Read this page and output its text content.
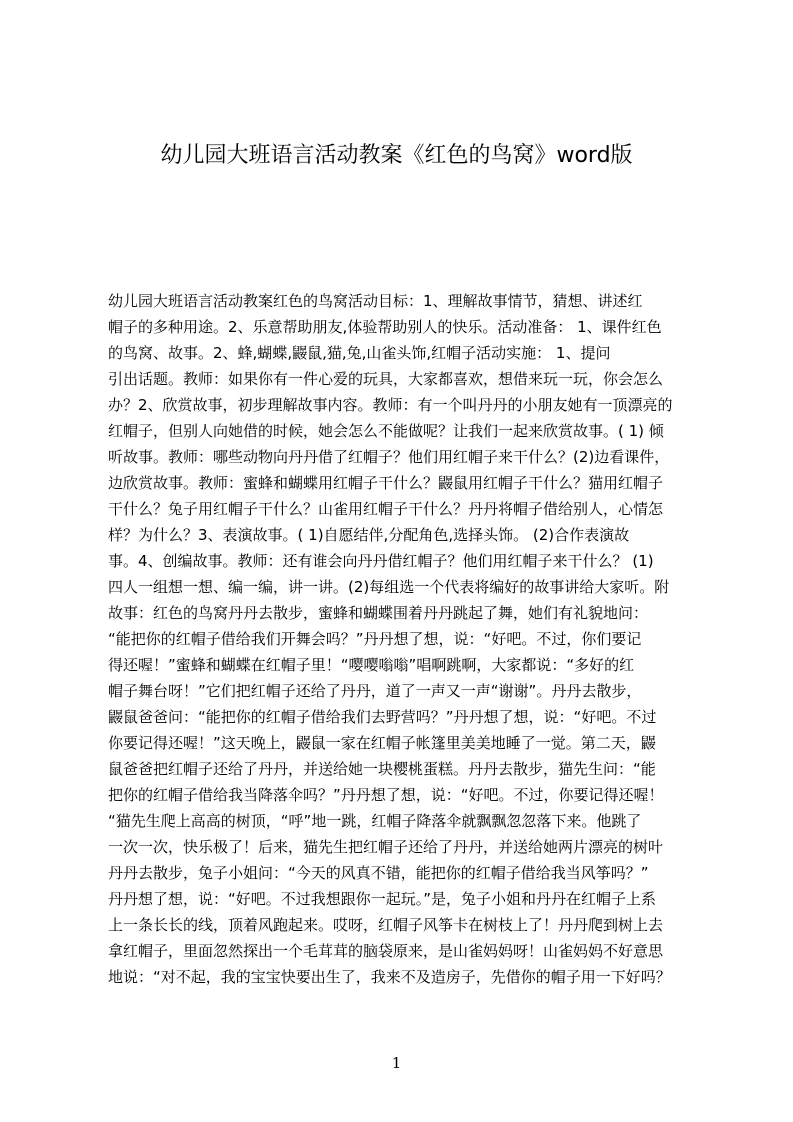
幼儿园大班语言活动教案《红色的鸟窝》word版
幼儿园大班语言活动教案红色的鸟窝活动目标：1、理解故事情节，猜想、讲述红
帽子的多种用途。2、乐意帮助朋友,体验帮助别人的快乐。活动准备： 1、课件红色
的鸟窝、故事。2、蜂,蝴蝶,鼹鼠,猫,兔,山雀头饰,红帽子活动实施： 1、提问
引出话题。教师：如果你有一件心爱的玩具，大家都喜欢，想借来玩一玩，你会怎么
办？2、欣赏故事，初步理解故事内容。教师：有一个叫丹丹的小朋友她有一顶漂亮的
红帽子，但别人向她借的时候，她会怎么不能做呢？让我们一起来欣赏故事。( 1) 倾
听故事。教师：哪些动物向丹丹借了红帽子？他们用红帽子来干什么？(2)边看课件，
边欣赏故事。教师：蜜蜂和蝴蝶用红帽子干什么？鼹鼠用红帽子干什么？猫用红帽子
干什么？兔子用红帽子干什么？山雀用红帽子干什么？丹丹将帽子借给别人，心情怎
样？为什么？3、表演故事。( 1)自愿结伴,分配角色,选择头饰。 (2)合作表演故
事。4、创编故事。教师：还有谁会向丹丹借红帽子？他们用红帽子来干什么？ (1)
四人一组想一想、编一编，讲一讲。(2)每组选一个代表将编好的故事讲给大家听。附
故事：红色的鸟窝丹丹去散步，蜜蜂和蝴蝶围着丹丹跳起了舞，她们有礼貌地问：
“能把你的红帽子借给我们开舞会吗？”丹丹想了想，说：“好吧。不过，你们要记
得还喔！”蜜蜂和蝴蝶在红帽子里！“嘤嘤嗡嗡”唱啊跳啊，大家都说：“多好的红
帽子舞台呀！”它们把红帽子还给了丹丹，道了一声又一声“谢谢”。丹丹去散步，
鼹鼠爸爸问：“能把你的红帽子借给我们去野营吗？”丹丹想了想，说：“好吧。不过
你要记得还喔！”这天晚上，鼹鼠一家在红帽子帐篷里美美地睡了一觉。第二天，鼹
鼠爸爸把红帽子还给了丹丹，并送给她一块樱桃蛋糕。丹丹去散步，猫先生问：“能
把你的红帽子借给我当降落伞吗？”丹丹想了想，说：“好吧。不过，你要记得还喔！
“猫先生爬上高高的树顶，“呼”地一跳，红帽子降落伞就飘飘忽忽落下来。他跳了
一次一次，快乐极了！后来，猫先生把红帽子还给了丹丹，并送给她两片漂亮的树叶
丹丹去散步，兔子小姐问：“今天的风真不错，能把你的红帽子借给我当风筝吗？”
丹丹想了想，说：“好吧。不过我想跟你一起玩。”是，兔子小姐和丹丹在红帽子上系
上一条长长的线，顶着风跑起来。哎呀，红帽子风筝卡在树枝上了！丹丹爬到树上去
拿红帽子，里面忽然探出一个毛茸茸的脑袋原来，是山雀妈妈呀！山雀妈妈不好意思
地说：“对不起，我的宝宝快要出生了，我来不及造房子，先借你的帽子用一下好吗？
1
